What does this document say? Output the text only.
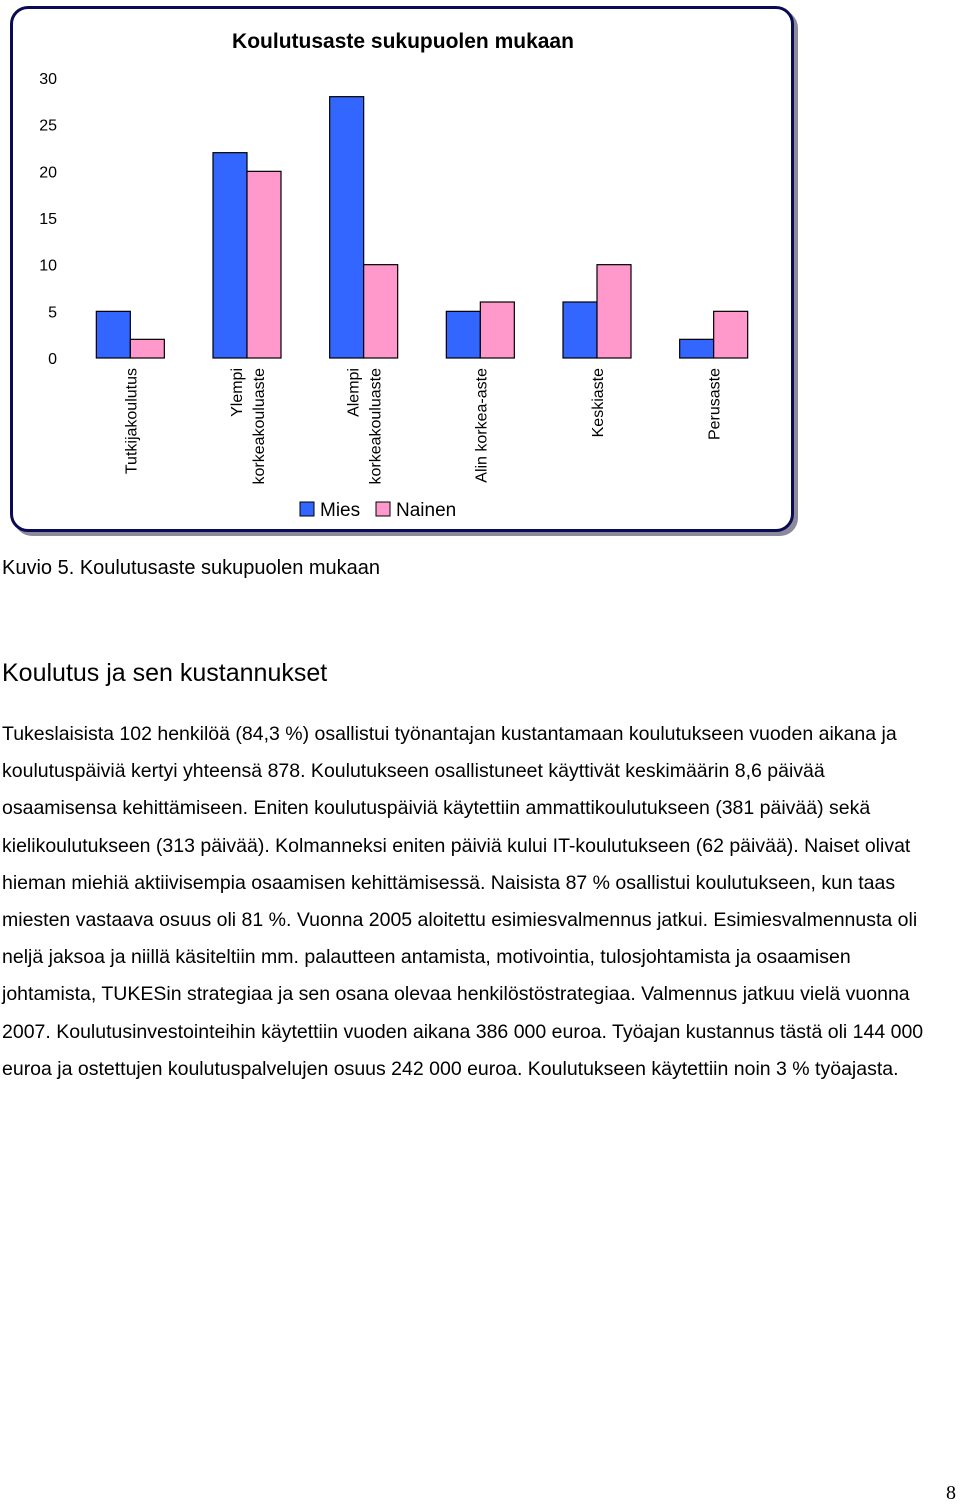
Koulutusaste sukupuolen mukaan
0
5
10
15
20
25
30
Tutkijakoulutus	Ylempi korkeakouluaste	Alempi korkeakouluaste	Alin korkea-aste	Keskiaste	Perusaste
Mies Nainen
Kuvio 5. Koulutusaste sukupuolen mukaan
Koulutus ja sen kustannukset

Tukeslaisista 102 henkilöä (84,3 %) osallistui työnantajan kustantamaan koulutukseen vuoden aikana ja koulutuspäiviä kertyi yhteensä 878. Koulutukseen osallistuneet käyttivät keskimäärin 8,6 päivää osaamisensa kehittämiseen. Eniten koulutuspäiviä käytettiin ammattikoulutukseen (381 päivää) sekä kielikoulutukseen (313 päivää). Kolmanneksi eniten päiviä kului IT-koulutukseen (62 päivää). Naiset olivat hieman miehiä aktiivisempia osaamisen kehittämisessä. Naisista 87 % osallistui koulutukseen, kun taas miesten vastaava osuus oli 81 %. Vuonna 2005 aloitettu esimiesvalmennus jatkui. Esimiesvalmennusta oli neljä jaksoa ja niillä käsiteltiin mm. palautteen antamista, motivointia, tulosjohtamista ja osaamisen johtamista, TUKESin strategiaa ja sen osana olevaa henkilöstöstrategiaa. Valmennus jatkuu vielä vuonna 2007. Koulutusinvestointeihin käytettiin vuoden aikana 386 000 euroa. Työajan kustannus tästä oli 144 000 euroa ja ostettujen koulutuspalvelujen osuus 242 000 euroa. Koulutukseen käytettiin noin 3 % työajasta.

8
